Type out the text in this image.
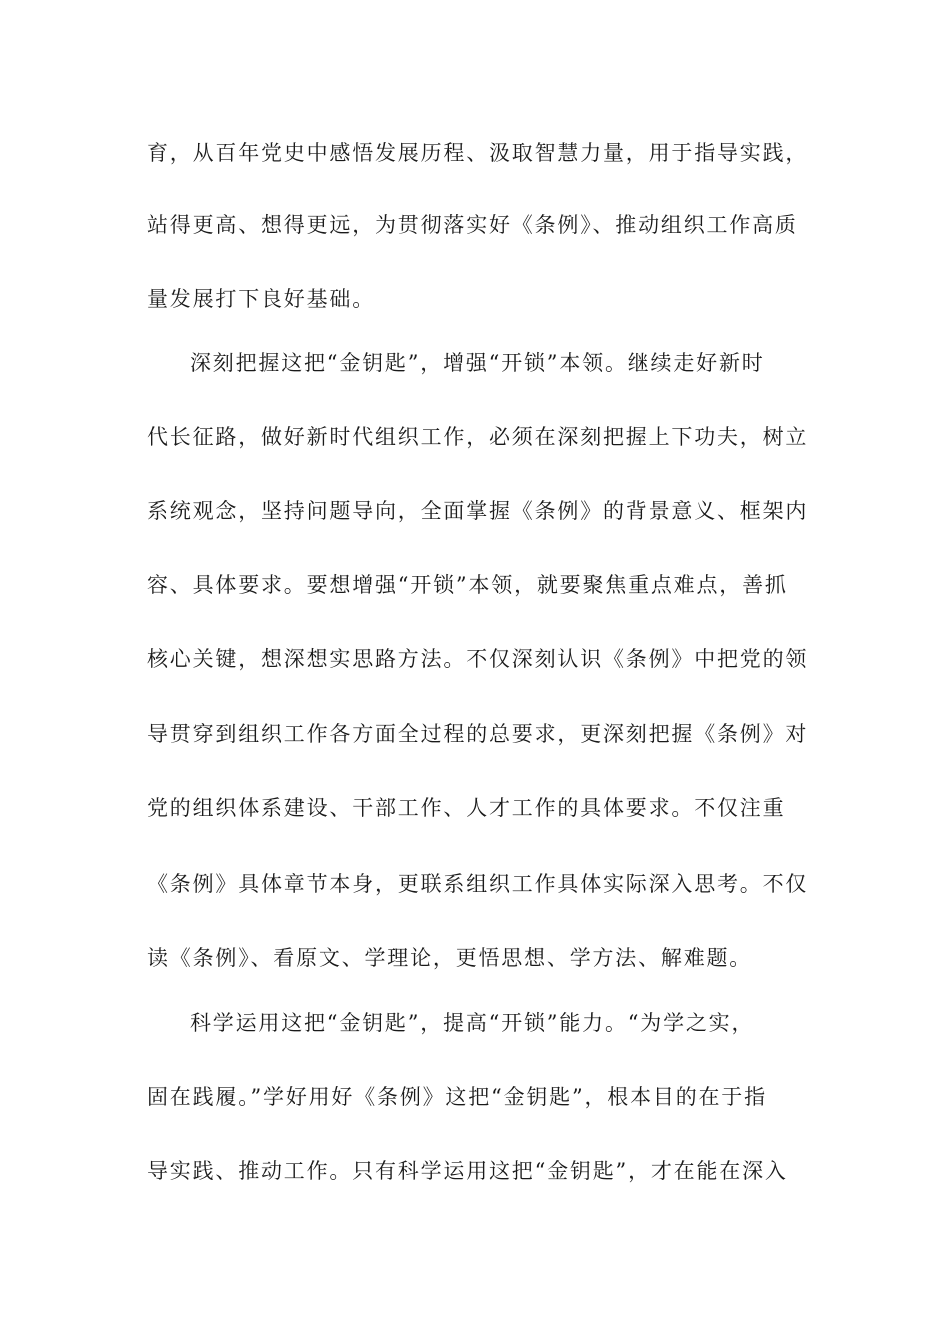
育，从百年党史中感悟发展历程、汲取智慧力量，用于指导实践，
站得更高、想得更远，为贯彻落实好《条例》、推动组织工作高质
量发展打下良好基础。
深刻把握这把“金钥匙”，增强“开锁”本领。继续走好新时
代长征路，做好新时代组织工作，必须在深刻把握上下功夫，树立
系统观念，坚持问题导向，全面掌握《条例》的背景意义、框架内
容、具体要求。要想增强“开锁”本领，就要聚焦重点难点，善抓
核心关键，想深想实思路方法。不仅深刻认识《条例》中把党的领
导贯穿到组织工作各方面全过程的总要求，更深刻把握《条例》对
党的组织体系建设、干部工作、人才工作的具体要求。不仅注重
《条例》具体章节本身，更联系组织工作具体实际深入思考。不仅
读《条例》、看原文、学理论，更悟思想、学方法、解难题。
科学运用这把“金钥匙”，提高“开锁”能力。“为学之实，
固在践履。”学好用好《条例》这把“金钥匙”，根本目的在于指
导实践、推动工作。只有科学运用这把“金钥匙”，才在能在深入
